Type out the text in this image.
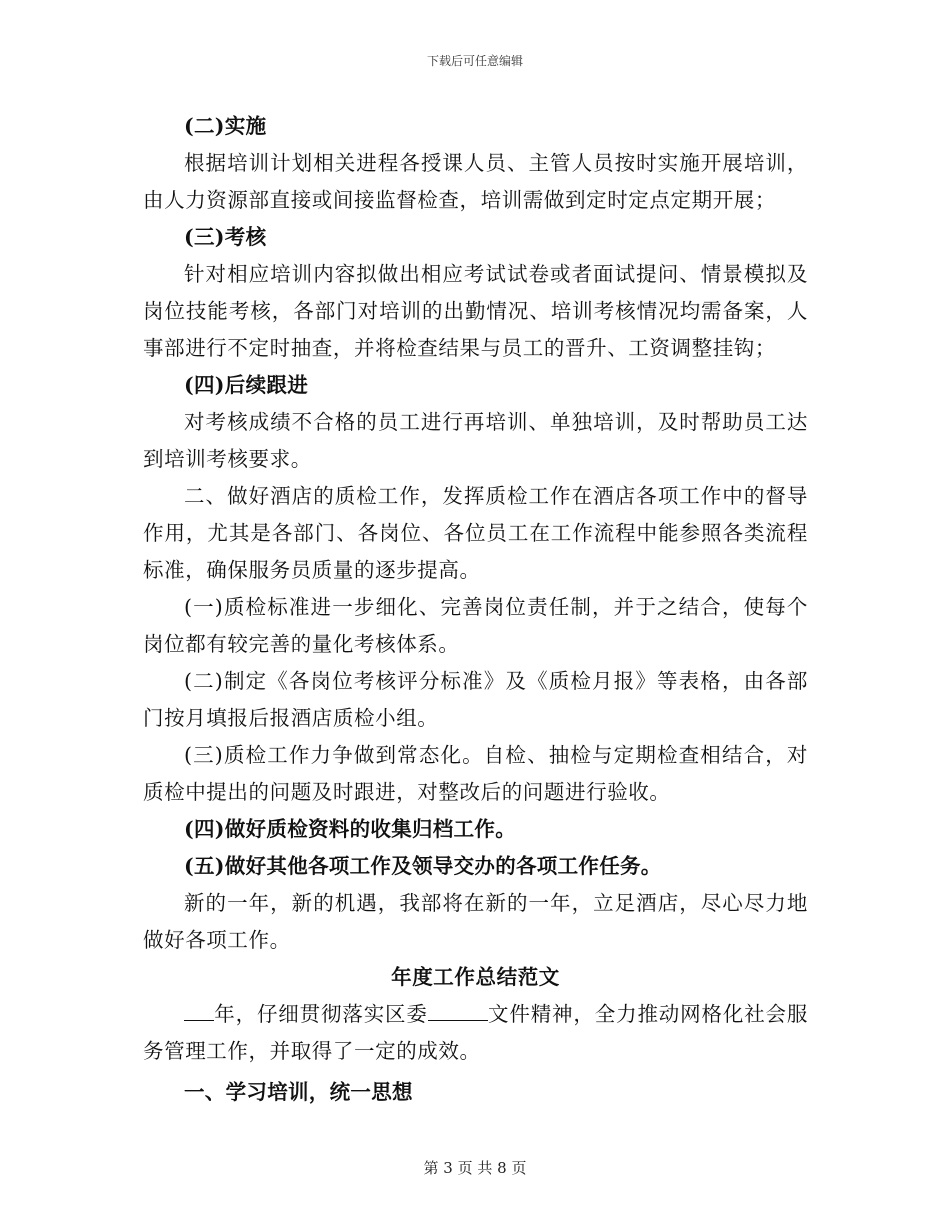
下载后可任意编辑

(二)实施

根据培训计划相关进程各授课人员、主管人员按时实施开展培训，由人力资源部直接或间接监督检查，培训需做到定时定点定期开展；

(三)考核

针对相应培训内容拟做出相应考试试卷或者面试提问、情景模拟及岗位技能考核，各部门对培训的出勤情况、培训考核情况均需备案，人事部进行不定时抽查，并将检查结果与员工的晋升、工资调整挂钩；

(四)后续跟进

对考核成绩不合格的员工进行再培训、单独培训，及时帮助员工达到培训考核要求。

二、做好酒店的质检工作，发挥质检工作在酒店各项工作中的督导作用，尤其是各部门、各岗位、各位员工在工作流程中能参照各类流程标准，确保服务员质量的逐步提高。

(一)质检标准进一步细化、完善岗位责任制，并于之结合，使每个岗位都有较完善的量化考核体系。

(二)制定《各岗位考核评分标准》及《质检月报》等表格，由各部门按月填报后报酒店质检小组。

(三)质检工作力争做到常态化。自检、抽检与定期检查相结合，对质检中提出的问题及时跟进，对整改后的问题进行验收。

(四)做好质检资料的收集归档工作。

(五)做好其他各项工作及领导交办的各项工作任务。

新的一年，新的机遇，我部将在新的一年，立足酒店，尽心尽力地做好各项工作。

年度工作总结范文

年，仔细贯彻落实区委	文件精神，全力推动网格化社会服务管理工作，并取得了一定的成效。

一、学习培训，统一思想

第 3 页 共 8 页
